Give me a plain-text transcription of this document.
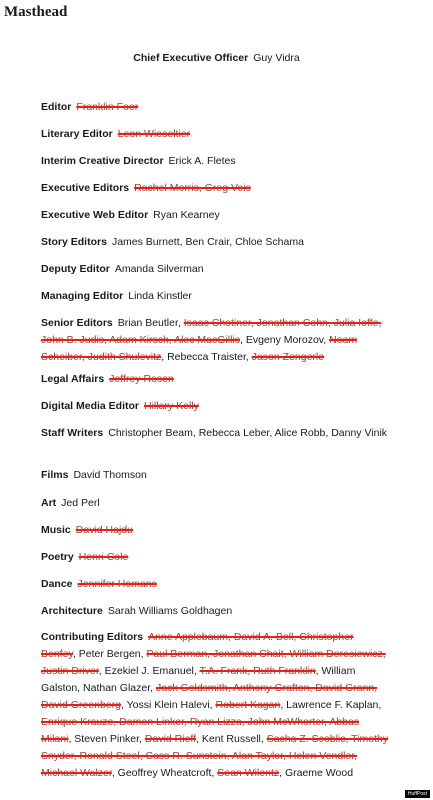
Masthead
Chief Executive Officer Guy Vidra

Editor Franklin Foer

Literary Editor Leon Wieseltier

Interim Creative Director Erick A. Fletes

Executive Editors Rachel Morris, Greg Veis

Executive Web Editor Ryan Kearney

Story Editors James Burnett, Ben Crair, Chloe Schama

Deputy Editor Amanda Silverman

Managing Editor Linda Kinstler

Senior Editors Brian Beutler, Isaac Chotiner, Jonathan Cohn, Julia Ioffe, John B. Judis, Adam Kirsch, Alec MacGillis, Evgeny Morozov, Noam Scheiber, Judith Shulevitz, Rebecca Traister, Jason Zengerle

Legal Affairs Jeffrey Rosen

Digital Media Editor Hillary Kelly

Staff Writers Christopher Beam, Rebecca Leber, Alice Robb, Danny Vinik

Films David Thomson

Art Jed Perl

Music David Hajdu

Poetry Henri Cole

Dance Jennifer Homans

Architecture Sarah Williams Goldhagen

Contributing Editors Anne Applebaum, David A. Bell, Christopher Benfey, Peter Bergen, Paul Berman, Jonathan Chait, William Deresiewicz, Justin Driver, Ezekiel J. Emanuel, T.A. Frank, Ruth Franklin, William Galston, Nathan Glazer, Jack Goldsmith, Anthony Grafton, David Grann, David Greenberg, Yossi Klein Halevi, Robert Kagan, Lawrence F. Kaplan, Enrique Krauze, Damon Linker, Ryan Lizza, John McWhorter, Abbas Milani, Steven Pinker, David Rieff, Kent Russell, Sacha Z. Scoblic, Timothy Snyder, Ronald Steel, Cass R. Sunstein, Alan Taylor, Helen Vendler, Michael Walzer, Geoffrey Wheatcroft, Sean Wilentz, Graeme Wood

HuffPost
